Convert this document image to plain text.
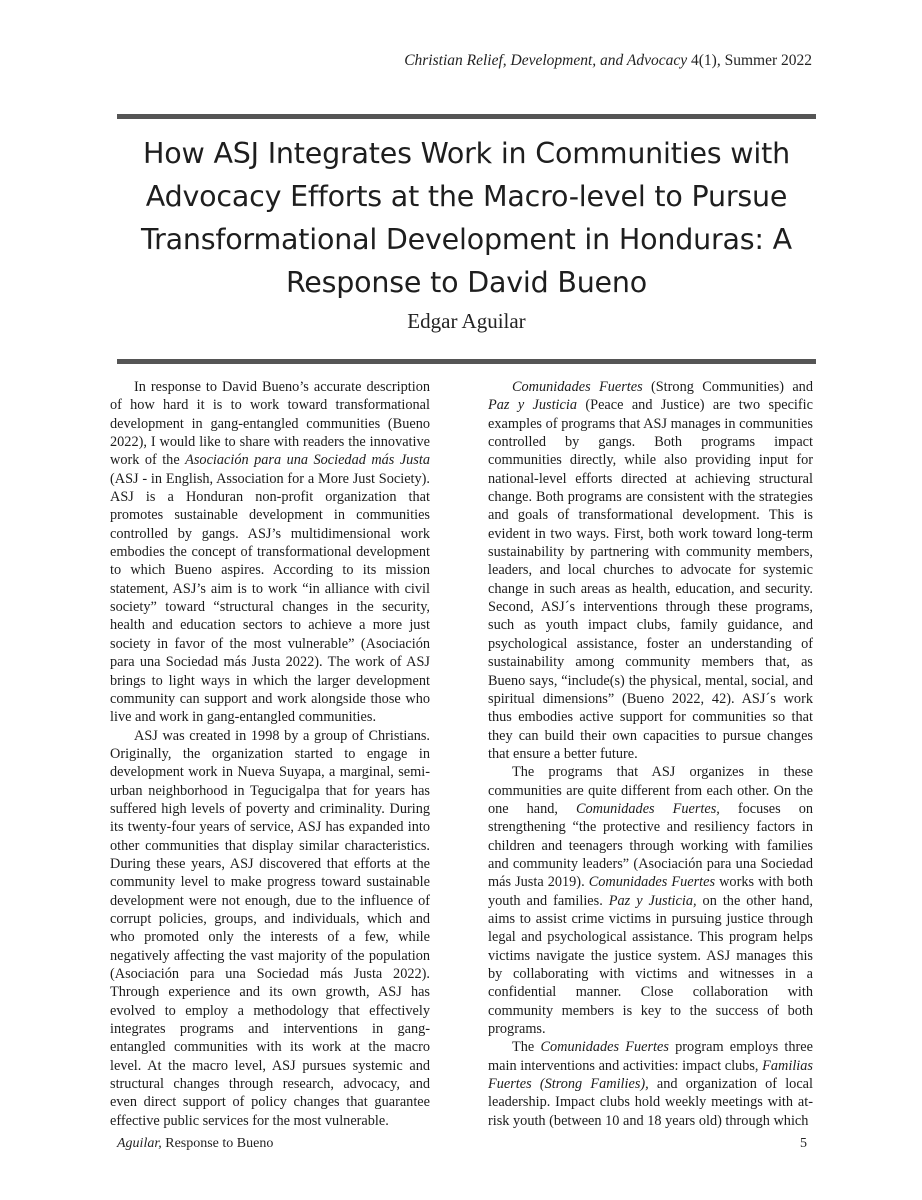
Christian Relief, Development, and Advocacy 4(1), Summer 2022
How ASJ Integrates Work in Communities with Advocacy Efforts at the Macro-level to Pursue Transformational Development in Honduras: A Response to David Bueno

Edgar Aguilar

In response to David Bueno’s accurate description of how hard it is to work toward transformational development in gang-entangled communities (Bueno 2022), I would like to share with readers the innovative work of the Asociación para una Sociedad más Justa (ASJ - in English, Association for a More Just Society). ASJ is a Honduran non-profit organization that promotes sustainable development in communities controlled by gangs. ASJ’s multidimensional work embodies the concept of transformational development to which Bueno aspires. According to its mission statement, ASJ’s aim is to work “in alliance with civil society” toward “structural changes in the security, health and education sectors to achieve a more just society in favor of the most vulnerable” (Asociación para una Sociedad más Justa 2022). The work of ASJ brings to light ways in which the larger development community can support and work alongside those who live and work in gang-entangled communities.

ASJ was created in 1998 by a group of Christians. Originally, the organization started to engage in development work in Nueva Suyapa, a marginal, semi-urban neighborhood in Tegucigalpa that for years has suffered high levels of poverty and criminality. During its twenty-four years of service, ASJ has expanded into other communities that display similar characteristics. During these years, ASJ discovered that efforts at the community level to make progress toward sustainable development were not enough, due to the influence of corrupt policies, groups, and individuals, which and who promoted only the interests of a few, while negatively affecting the vast majority of the population (Asociación para una Sociedad más Justa 2022). Through experience and its own growth, ASJ has evolved to employ a methodology that effectively integrates programs and interventions in gang-entangled communities with its work at the macro level. At the macro level, ASJ pursues systemic and structural changes through research, advocacy, and even direct support of policy changes that guarantee effective public services for the most vulnerable.

Comunidades Fuertes (Strong Communities) and Paz y Justicia (Peace and Justice) are two specific examples of programs that ASJ manages in communities controlled by gangs. Both programs impact communities directly, while also providing input for national-level efforts directed at achieving structural change. Both programs are consistent with the strategies and goals of transformational development. This is evident in two ways. First, both work toward long-term sustainability by partnering with community members, leaders, and local churches to advocate for systemic change in such areas as health, education, and security. Second, ASJ´s interventions through these programs, such as youth impact clubs, family guidance, and psychological assistance, foster an understanding of sustainability among community members that, as Bueno says, “include(s) the physical, mental, social, and spiritual dimensions” (Bueno 2022, 42). ASJ´s work thus embodies active support for communities so that they can build their own capacities to pursue changes that ensure a better future.

The programs that ASJ organizes in these communities are quite different from each other. On the one hand, Comunidades Fuertes, focuses on strengthening “the protective and resiliency factors in children and teenagers through working with families and community leaders” (Asociación para una Sociedad más Justa 2019). Comunidades Fuertes works with both youth and families. Paz y Justicia, on the other hand, aims to assist crime victims in pursuing justice through legal and psychological assistance. This program helps victims navigate the justice system. ASJ manages this by collaborating with victims and witnesses in a confidential manner. Close collaboration with community members is key to the success of both programs.

The Comunidades Fuertes program employs three main interventions and activities: impact clubs, Familias Fuertes (Strong Families), and organization of local leadership. Impact clubs hold weekly meetings with at-risk youth (between 10 and 18 years old) through which

Aguilar, Response to Bueno	5
